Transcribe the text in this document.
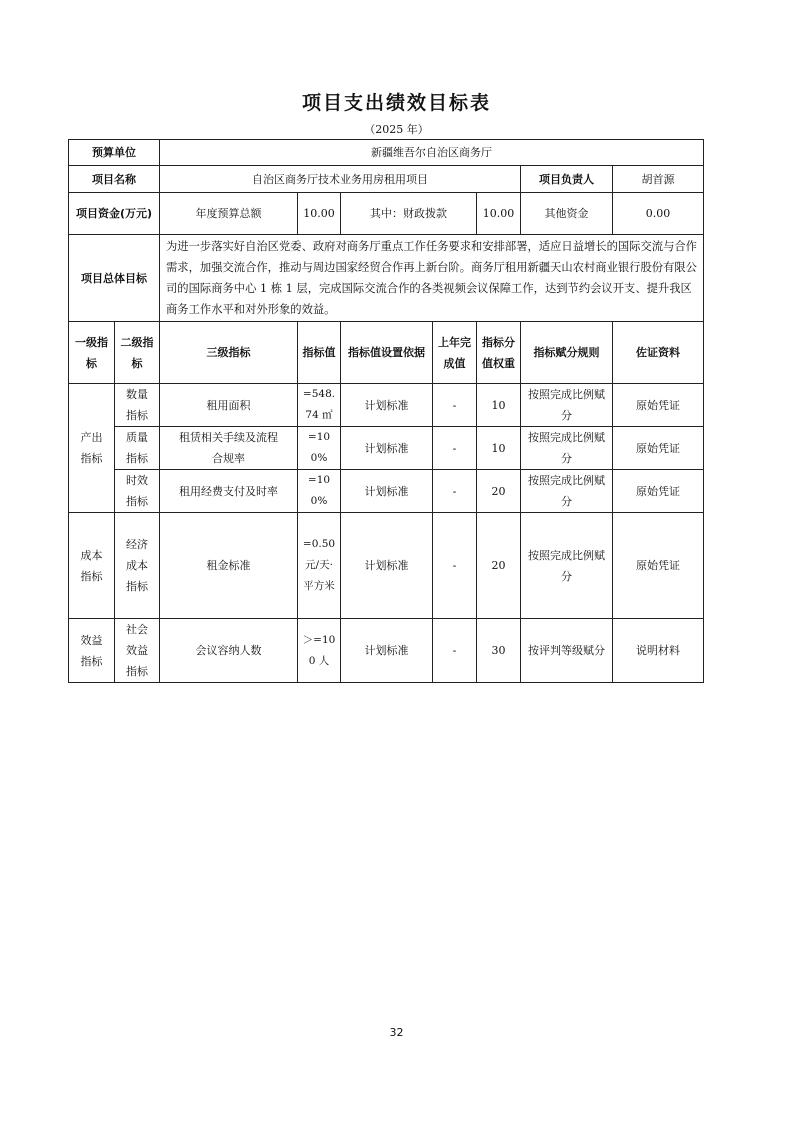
项目支出绩效目标表
（2025 年）
预算单位		新疆维吾尔自治区商务厅						
项目名称		自治区商务厅技术业务用房租用项目					项目负责人	胡首源
项目资金(万元)		年度预算总额	10.00	其中：财政拨款		10.00	其他资金	0.00
项目总体目标		为进一步落实好自治区党委、政府对商务厅重点工作任务要求和安排部署，适应日益增长的国际交流与合作需求，加强交流合作，推动与周边国家经贸合作再上新台阶。商务厅租用新疆天山农村商业银行股份有限公司的国际商务中心 1 栋 1 层，完成国际交流合作的各类视频会议保障工作，达到节约会议开支、提升我区商务工作水平和对外形象的效益。						
一级指标	二级指标	三级指标	指标值	指标值设置依据	上年完成值	指标分值权重	指标赋分规则	佐证资料
产出指标	数量指标	租用面积	=548.74 ㎡	计划标准	-	10	按照完成比例赋分	原始凭证
	质量指标	租赁相关手续及流程合规率	=100%	计划标准	-	10	按照完成比例赋分	原始凭证
	时效指标	租用经费支付及时率	=100%	计划标准	-	20	按照完成比例赋分	原始凭证
成本指标	经济成本指标	租金标准	=0.50 元/天·平方米	计划标准	-	20	按照完成比例赋分	原始凭证
效益指标	社会效益指标	会议容纳人数	＞=100 人	计划标准	-	30	按评判等级赋分	说明材料
32
